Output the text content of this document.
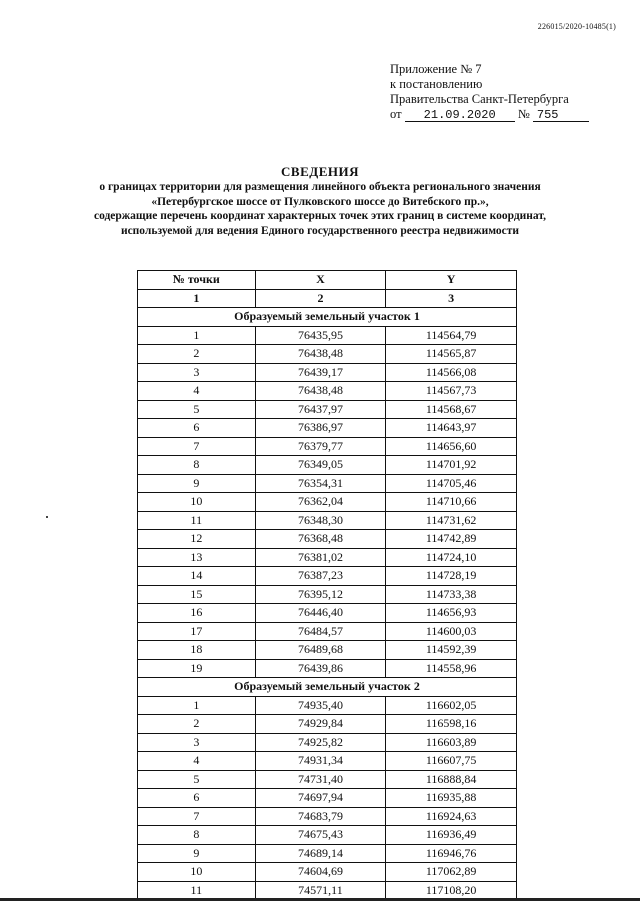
226015/2020-10485(1)
Приложение № 7
к постановлению
Правительства Санкт-Петербурга
от 21.09.2020 № 755
СВЕДЕНИЯ
о границах территории для размещения линейного объекта регионального значения
«Петербургское шоссе от Пулковского шоссе до Витебского пр.»,
содержащие перечень координат характерных точек этих границ в системе координат,
используемой для ведения Единого государственного реестра недвижимости
№ точки	X	Y
1	2	3
Образуемый земельный участок 1		
1	76435,95	114564,79
2	76438,48	114565,87
3	76439,17	114566,08
4	76438,48	114567,73
5	76437,97	114568,67
6	76386,97	114643,97
7	76379,77	114656,60
8	76349,05	114701,92
9	76354,31	114705,46
10	76362,04	114710,66
11	76348,30	114731,62
12	76368,48	114742,89
13	76381,02	114724,10
14	76387,23	114728,19
15	76395,12	114733,38
16	76446,40	114656,93
17	76484,57	114600,03
18	76489,68	114592,39
19	76439,86	114558,96
Образуемый земельный участок 2		
1	74935,40	116602,05
2	74929,84	116598,16
3	74925,82	116603,89
4	74931,34	116607,75
5	74731,40	116888,84
6	74697,94	116935,88
7	74683,79	116924,63
8	74675,43	116936,49
9	74689,14	116946,76
10	74604,69	117062,89
11	74571,11	117108,20
